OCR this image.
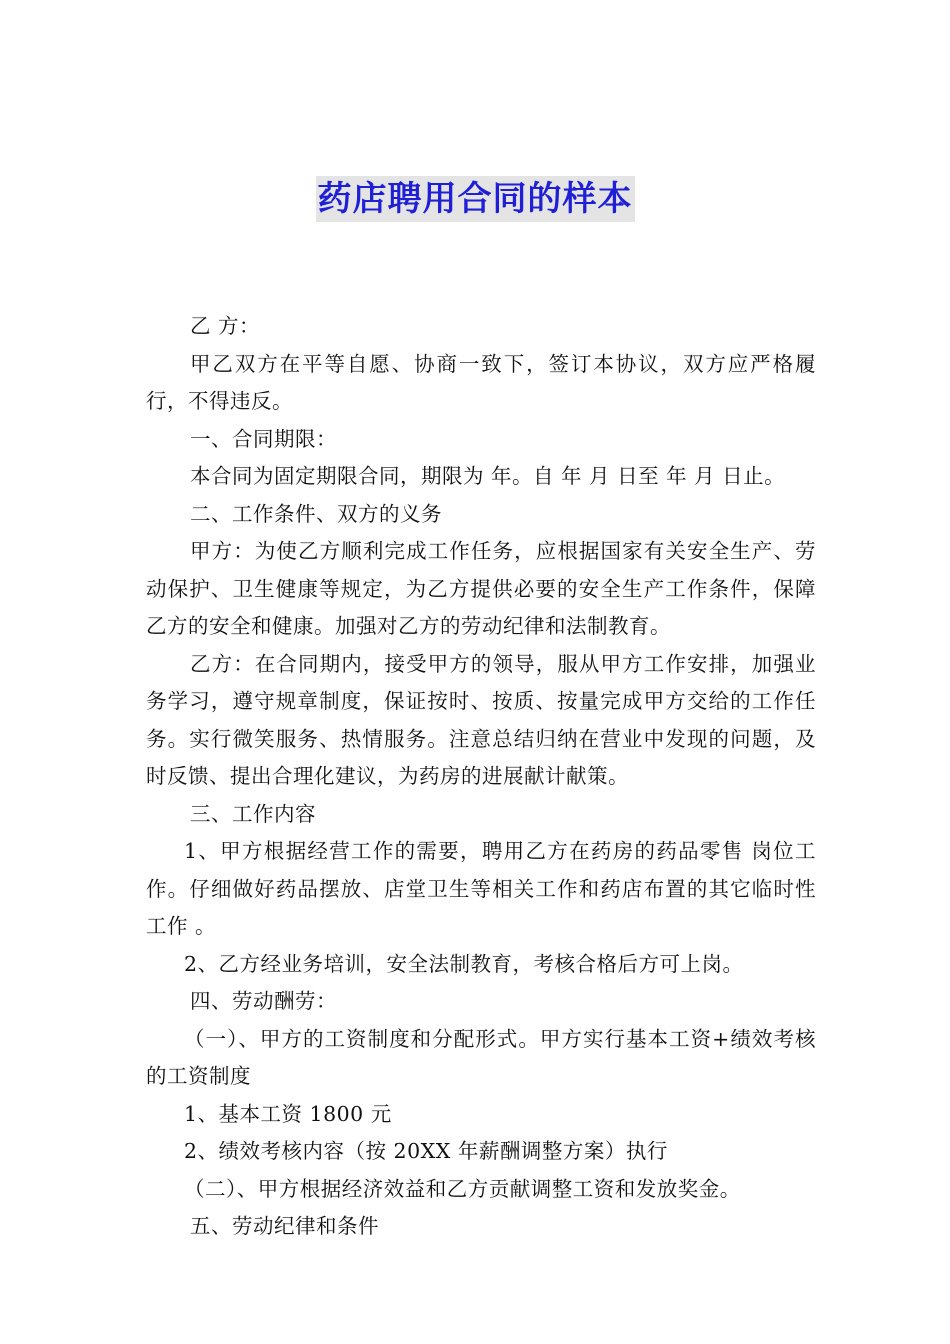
药店聘用合同的样本

乙 方：

甲乙双方在平等自愿、协商一致下，签订本协议，双方应严格履行，不得违反。

一、合同期限：

本合同为固定期限合同，期限为 年。自 年 月 日至 年 月 日止。

二、工作条件、双方的义务

甲方：为使乙方顺利完成工作任务，应根据国家有关安全生产、劳动保护、卫生健康等规定，为乙方提供必要的安全生产工作条件，保障乙方的安全和健康。加强对乙方的劳动纪律和法制教育。

乙方：在合同期内，接受甲方的领导，服从甲方工作安排，加强业务学习，遵守规章制度，保证按时、按质、按量完成甲方交给的工作任务。实行微笑服务、热情服务。注意总结归纳在营业中发现的问题，及时反馈、提出合理化建议，为药房的进展献计献策。

三、工作内容

1、甲方根据经营工作的需要，聘用乙方在药房的药品零售 岗位工作。仔细做好药品摆放、店堂卫生等相关工作和药店布置的其它临时性工作 。

2、乙方经业务培训，安全法制教育，考核合格后方可上岗。

四、劳动酬劳：

（一）、甲方的工资制度和分配形式。甲方实行基本工资+绩效考核的工资制度

1、基本工资 1800 元

2、绩效考核内容（按 20XX 年薪酬调整方案）执行

（二）、甲方根据经济效益和乙方贡献调整工资和发放奖金。

五、劳动纪律和条件
